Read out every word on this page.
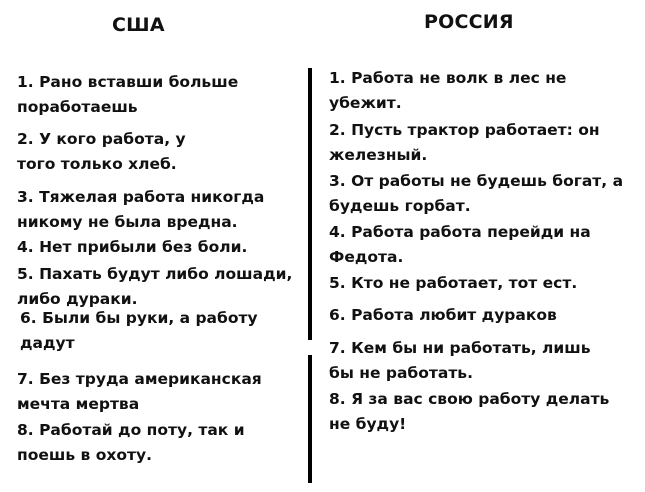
США	РОССИЯ
1. Рано вставши больше
поработаешь
2. У кого работа, у
того только хлеб.
3. Тяжелая работа никогда
никому не была вредна.
4. Нет прибыли без боли.
5. Пахать будут либо лошади,
либо дураки.
6. Были бы руки, а работу
дадут
7. Без труда американская
мечта мертва
8. Работай до поту, так и
поешь в охоту.
1. Работа не волк в лес не
убежит.
2. Пусть трактор работает: он
железный.
3. От работы не будешь богат, а
будешь горбат.
4. Работа работа перейди на
Федота.
5. Кто не работает, тот ест.
6. Работа любит дураков
7. Кем бы ни работать, лишь
бы не работать.
8. Я за вас свою работу делать
не буду!
